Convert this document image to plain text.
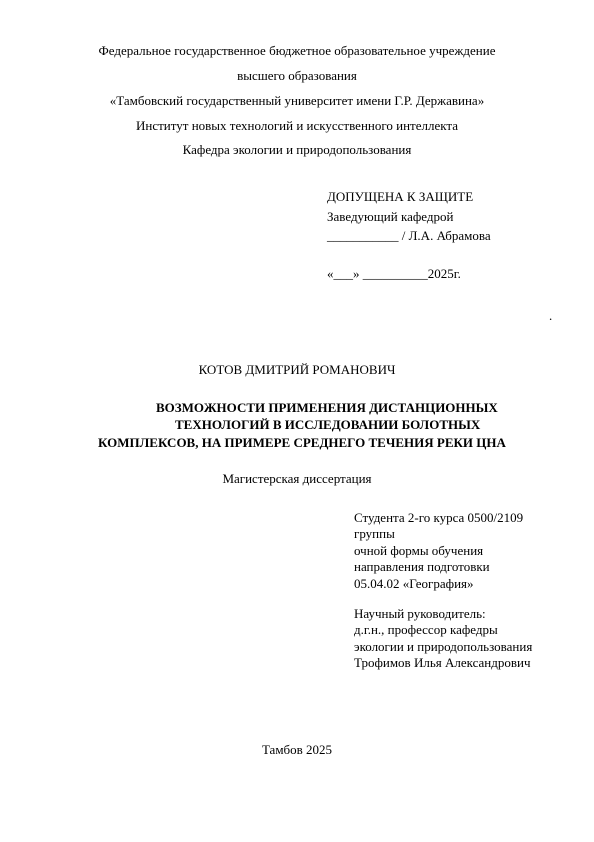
Федеральное государственное бюджетное образовательное учреждение
высшего образования
«Тамбовский государственный университет имени Г.Р. Державина»
Институт новых технологий и искусственного интеллекта
Кафедра экологии и природопользования
ДОПУЩЕНА К ЗАЩИТЕ
Заведующий кафедрой
___________ / Л.А. Абрамова
«___» __________2025г.
.
КОТОВ ДМИТРИЙ РОМАНОВИЧ
ВОЗМОЖНОСТИ ПРИМЕНЕНИЯ ДИСТАНЦИОННЫХ
ТЕХНОЛОГИЙ В ИССЛЕДОВАНИИ БОЛОТНЫХ
КОМПЛЕКСОВ, НА ПРИМЕРЕ СРЕДНЕГО ТЕЧЕНИЯ РЕКИ ЦНА
Магистерская диссертация
Студента 2-го курса 0500/2109
группы
очной формы обучения
направления подготовки
05.04.02 «География»
Научный руководитель:
д.г.н., профессор кафедры
экологии и природопользования
Трофимов Илья Александрович
Тамбов 2025
